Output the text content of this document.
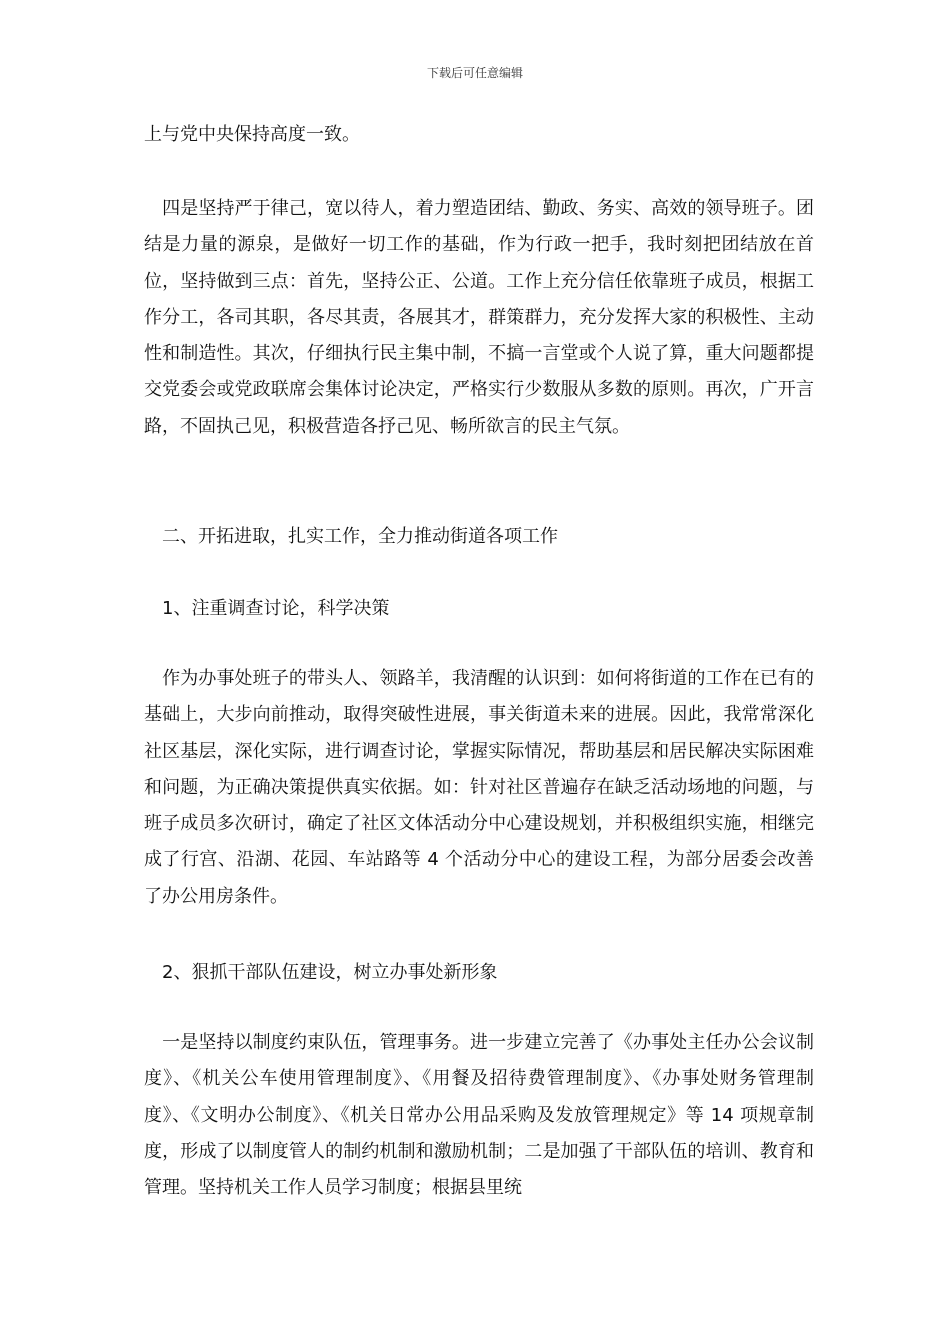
下载后可任意编辑

上与党中央保持高度一致。

　四是坚持严于律己，宽以待人，着力塑造团结、勤政、务实、高效的领导班子。团结是力量的源泉，是做好一切工作的基础，作为行政一把手，我时刻把团结放在首位，坚持做到三点：首先，坚持公正、公道。工作上充分信任依靠班子成员，根据工作分工，各司其职，各尽其责，各展其才，群策群力，充分发挥大家的积极性、主动性和制造性。其次，仔细执行民主集中制，不搞一言堂或个人说了算，重大问题都提交党委会或党政联席会集体讨论决定，严格实行少数服从多数的原则。再次，广开言路，不固执己见，积极营造各抒己见、畅所欲言的民主气氛。

二、开拓进取，扎实工作，全力推动街道各项工作

1、注重调查讨论，科学决策

　作为办事处班子的带头人、领路羊，我清醒的认识到：如何将街道的工作在已有的基础上，大步向前推动，取得突破性进展，事关街道未来的进展。因此，我常常深化社区基层，深化实际，进行调查讨论，掌握实际情况，帮助基层和居民解决实际困难和问题，为正确决策提供真实依据。如：针对社区普遍存在缺乏活动场地的问题，与班子成员多次研讨，确定了社区文体活动分中心建设规划，并积极组织实施，相继完成了行宫、沿湖、花园、车站路等 4 个活动分中心的建设工程，为部分居委会改善了办公用房条件。

2、狠抓干部队伍建设，树立办事处新形象

　一是坚持以制度约束队伍，管理事务。进一步建立完善了《办事处主任办公会议制度》、《机关公车使用管理制度》、《用餐及招待费管理制度》、《办事处财务管理制度》、《文明办公制度》、《机关日常办公用品采购及发放管理规定》等 14 项规章制度，形成了以制度管人的制约机制和激励机制；二是加强了干部队伍的培训、教育和管理。坚持机关工作人员学习制度；根据县里统
